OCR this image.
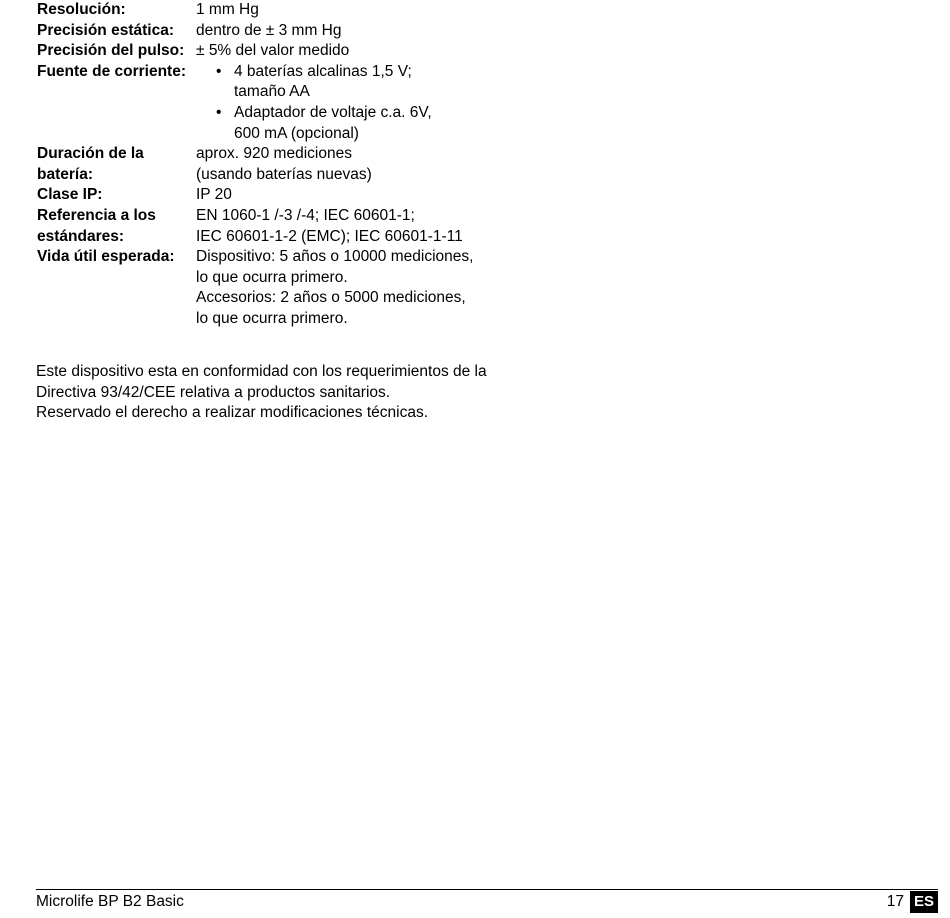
Resolución:	1 mm Hg
Precisión estática:	dentro de ± 3 mm Hg
Precisión del pulso: ± 5% del valor medido
Fuente de corriente:
•	4 baterías alcalinas 1,5 V;
tamaño AA
• Adaptador de voltaje c.a. 6V,
600 mA (opcional)
Duración de la
batería:
aprox. 920 mediciones
(usando baterías nuevas)
Clase IP:	IP 20
Referencia a los
estándares:
EN 1060-1 /-3 /-4; IEC 60601-1;
IEC 60601-1-2 (EMC); IEC 60601-1-11
Vida útil esperada:	Dispositivo: 5 años o 10000 mediciones,
lo que ocurra primero.
Accesorios: 2 años o 5000 mediciones,
lo que ocurra primero.
Este dispositivo esta en conformidad con los requerimientos de la
Directiva 93/42/CEE relativa a productos sanitarios.
Reservado el derecho a realizar modificaciones técnicas.
Microlife BP B2 Basic	17 ES
